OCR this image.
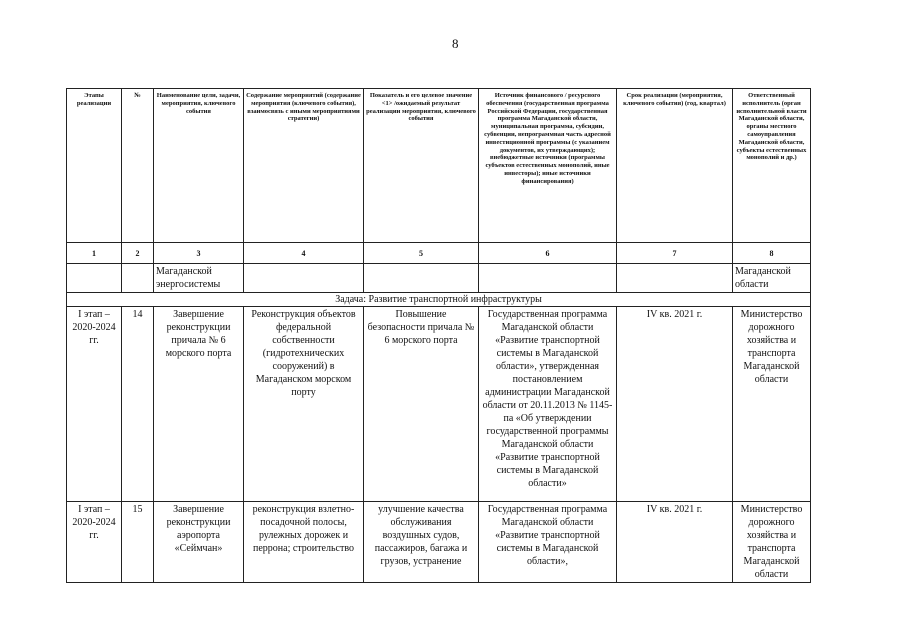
8
Этапы реализации	№	Наименование цели, задачи, мероприятия, ключевого события	Содержание мероприятий (содержание мероприятия (ключевого события), взаимосвязь с иными мероприятиями стратегии)	Показатель и его целевое значение <1> /ожидаемый результат реализации мероприятия, ключевого события	Источник финансового / ресурсного обеспечения (государственная программа Российской Федерации, государственная программа Магаданской области, муниципальная программа, субсидии, субвенции, непрограммная часть адресной инвестиционной программы (с указанием документов, их утверждающих); внебюджетные источники (программы субъектов естественных монополий, иные инвесторы); иные источники финансирования)	Срок реализации (мероприятия, ключевого события) (год, квартал)	Ответственный исполнитель (орган исполнительной власти Магаданской области, органы местного самоуправления Магаданской области, субъекты естественных монополий и др.)
1	2	3	4	5	6	7	8
		Магаданской энергосистемы					Магаданской области
Задача: Развитие транспортной инфраструктуры							
I этап – 2020-2024 гг.	14	Завершение реконструкции причала № 6 морского порта	Реконструкция объектов федеральной собственности (гидротехнических сооружений) в Магаданском морском порту	Повышение безопасности причала № 6 морского порта	Государственная программа Магаданской области «Развитие транспортной системы в Магаданской области», утвержденная постановлением администрации Магаданской области от 20.11.2013 № 1145-па «Об утверждении государственной программы Магаданской области «Развитие транспортной системы в Магаданской области»	IV кв. 2021 г.	Министерство дорожного хозяйства и транспорта Магаданской области
I этап – 2020-2024 гг.	15	Завершение реконструкции аэропорта «Сеймчан»	реконструкция взлетно-посадочной полосы, рулежных дорожек и перрона; строительство	улучшение качества обслуживания воздушных судов, пассажиров, багажа и грузов, устранение	Государственная программа Магаданской области «Развитие транспортной системы в Магаданской области»,	IV кв. 2021 г.	Министерство дорожного хозяйства и транспорта Магаданской области
